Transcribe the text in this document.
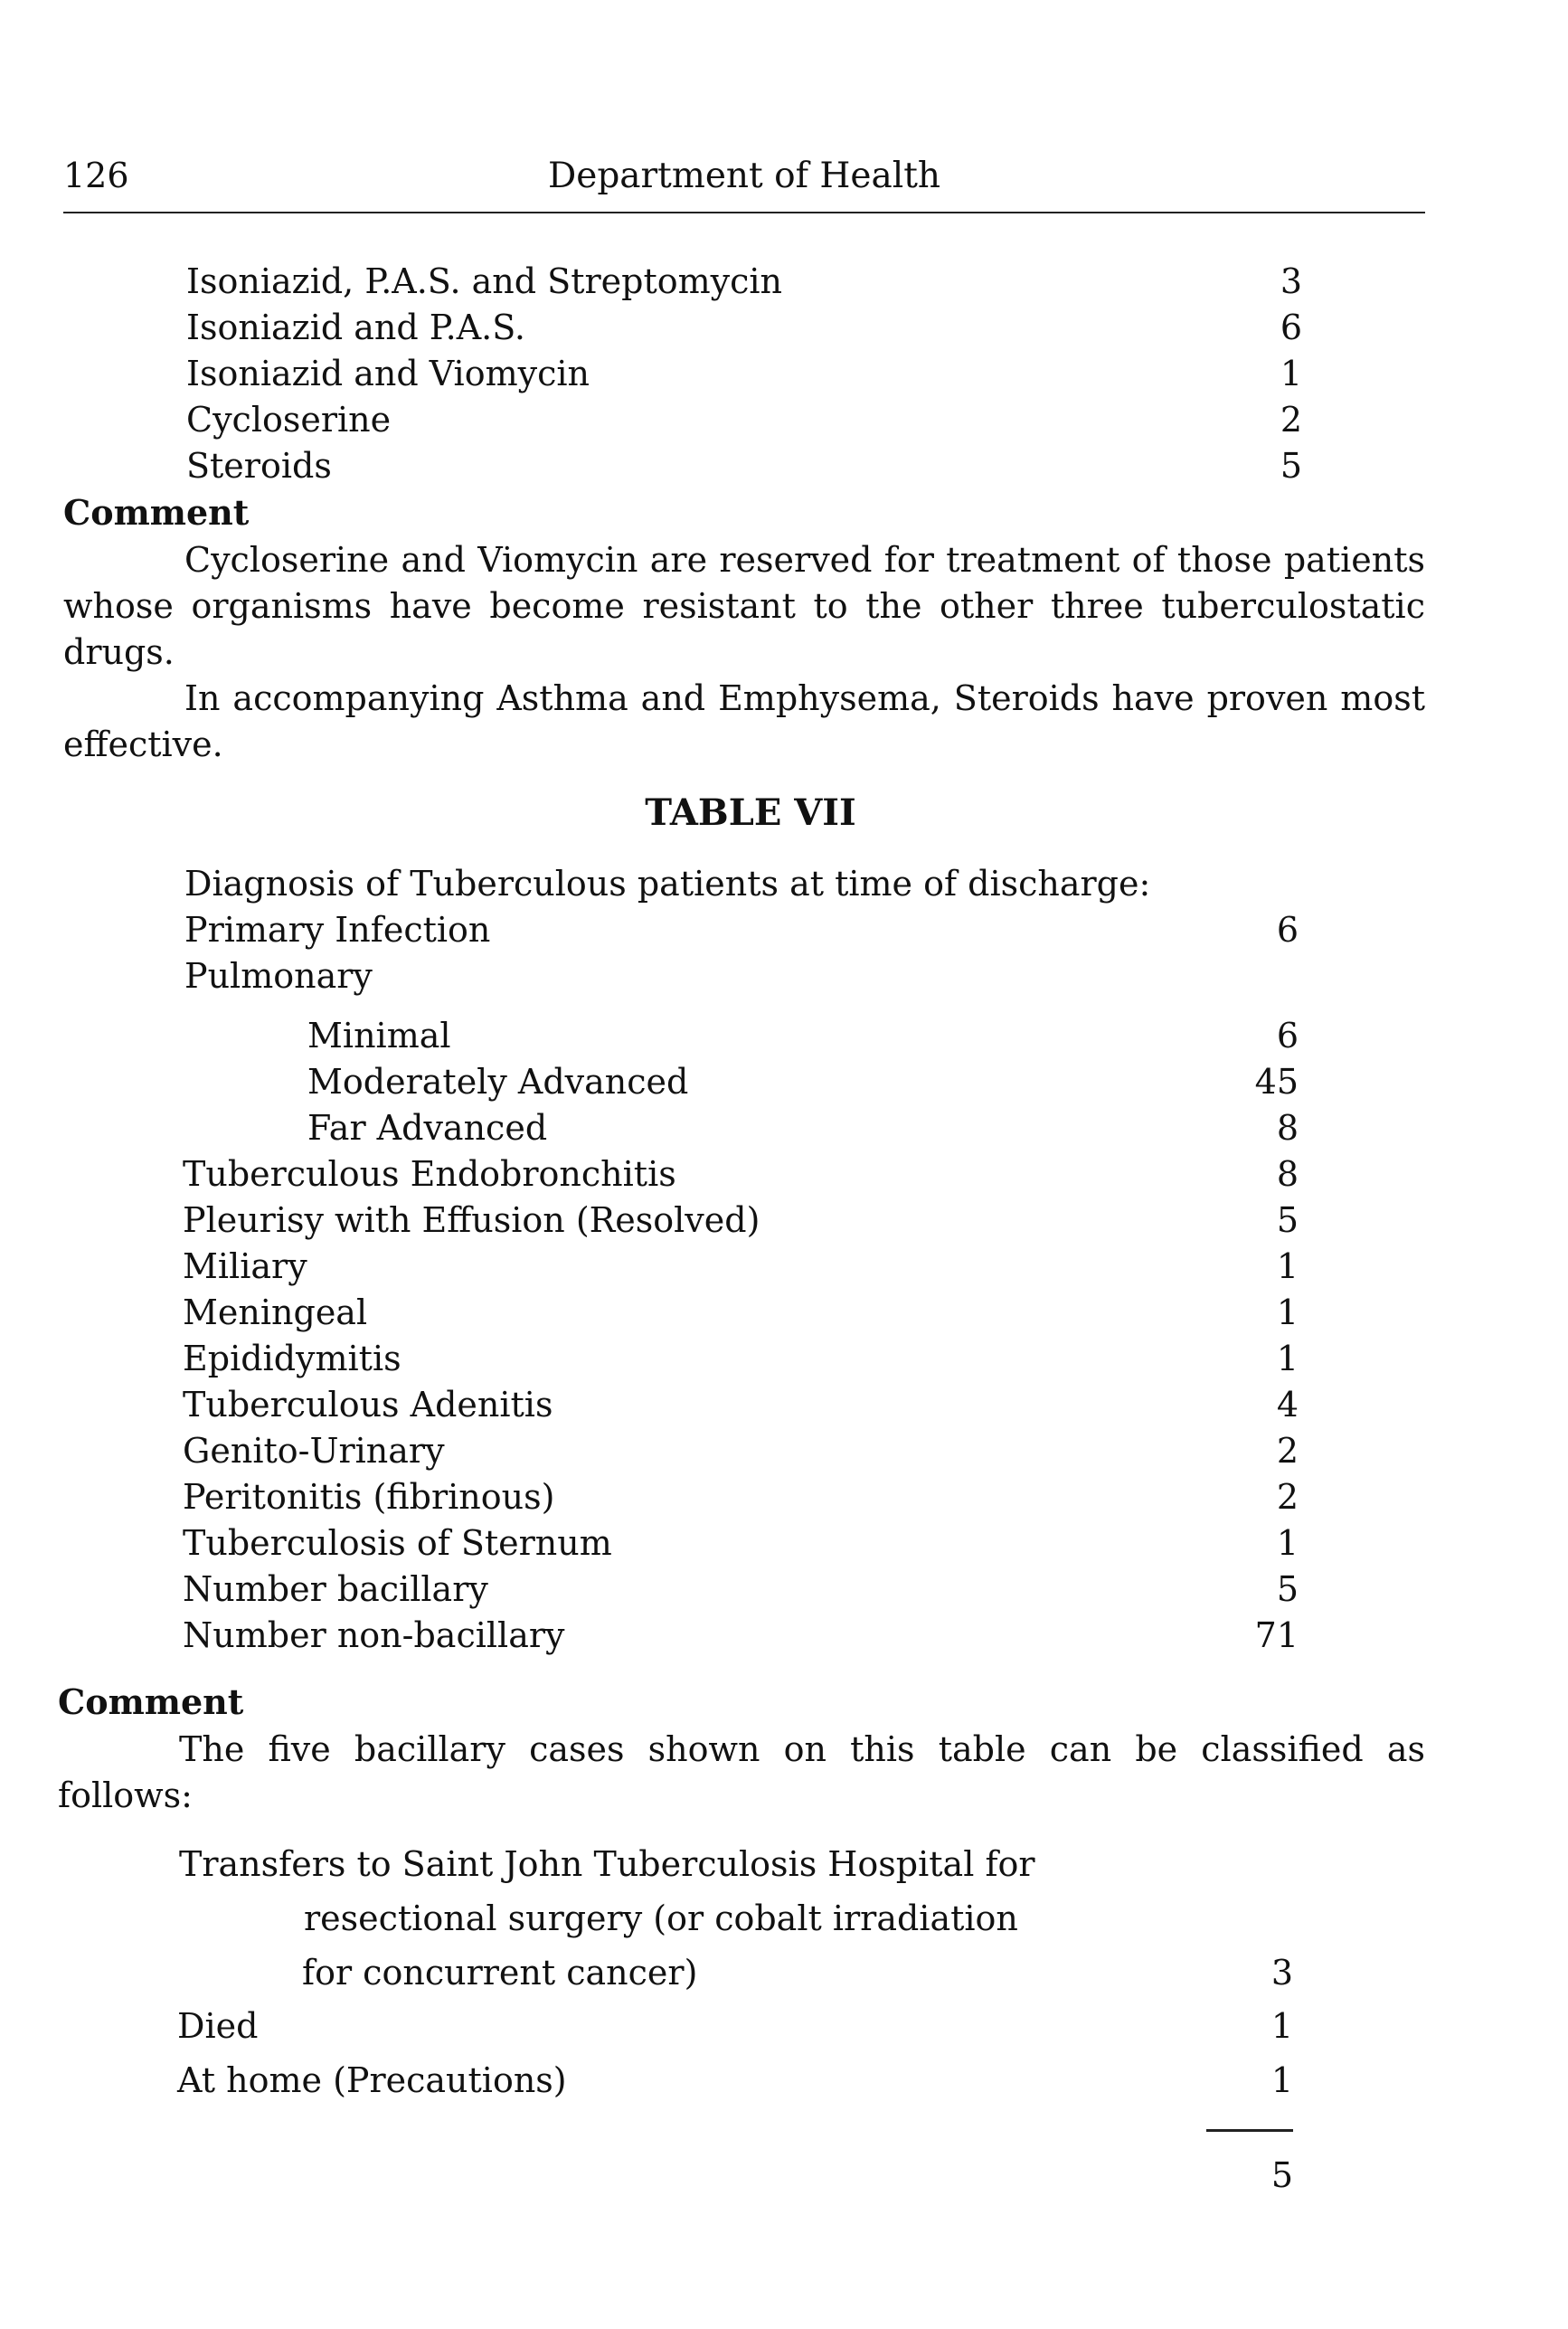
126	Department of Health
Isoniazid, P.A.S. and Streptomycin	3
Isoniazid and P.A.S.	6
Isoniazid and Viomycin	1
Cycloserine	2
Steroids	5
Comment

Cycloserine and Viomycin are reserved for treatment of those patients whose organisms have become resistant to the other three tuberculostatic drugs.

In accompanying Asthma and Emphysema, Steroids have proven most effective.

TABLE VII
Diagnosis of Tuberculous patients at time of discharge:
Primary Infection	6
Pulmonary
Minimal	6
Moderately Advanced	45
Far Advanced	8
Tuberculous Endobronchitis	8
Pleurisy with Effusion (Resolved)	5
Miliary	1
Meningeal	1
Epididymitis	1
Tuberculous Adenitis	4
Genito-Urinary	2
Peritonitis (fibrinous)	2
Tuberculosis of Sternum	1
Number bacillary	5
Number non-bacillary	71
Comment

The five bacillary cases shown on this table can be classified as follows:

Transfers to Saint John Tuberculosis Hospital for
resectional surgery (or cobalt irradiation
for concurrent cancer)	3
Died	1
At home (Precautions)	1
5
